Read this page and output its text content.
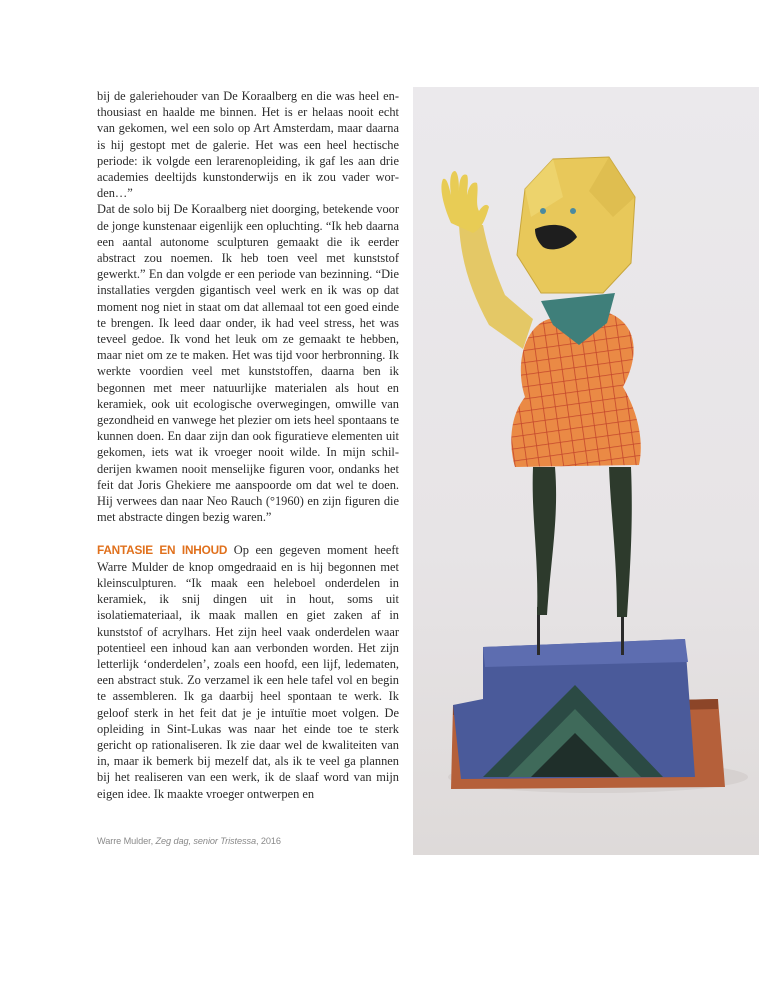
bij de galeriehouder van De Koraalberg en die was heel enthousiast en haalde me binnen. Het is er helaas nooit echt van gekomen, wel een solo op Art Amsterdam, maar daarna is hij gestopt met de galerie. Het was een heel hectische periode: ik volgde een lerarenopleiding, ik gaf les aan drie academies deeltijds kunstonderwijs en ik zou vader worden…”

Dat de solo bij De Koraalberg niet doorging, betekende voor de jonge kunstenaar eigenlijk een opluchting. “Ik heb daarna een aantal autonome sculpturen gemaakt die ik eerder abstract zou noemen. Ik heb toen veel met kunststof gewerkt.” En dan volgde er een periode van bezinning. “Die installaties vergden gigantisch veel werk en ik was op dat moment nog niet in staat om dat allemaal tot een goed einde te brengen. Ik leed daar onder, ik had veel stress, het was teveel gedoe. Ik vond het leuk om ze gemaakt te hebben, maar niet om ze te maken. Het was tijd voor herbronning. Ik werkte voordien veel met kunststoffen, daarna ben ik begonnen met meer natuurlijke materialen als hout en keramiek, ook uit ecologische overwegingen, omwille van gezondheid en vanwege het plezier om iets heel spontaans te kunnen doen. En daar zijn dan ook figuratieve elementen uit gekomen, iets wat ik vroeger nooit wilde. In mijn schilderijen kwamen nooit menselijke figuren voor, ondanks het feit dat Joris Ghekiere me aanspoorde om dat wel te doen. Hij verwees dan naar Neo Rauch (°1960) en zijn figuren die met abstracte dingen bezig waren.”

FANTASIE EN INHOUD Op een gegeven moment heeft Warre Mulder de knop omgedraaid en is hij begonnen met kleinsculpturen. “Ik maak een heleboel onderdelen in keramiek, ik snij dingen uit in hout, soms uit isolatiemateriaal, ik maak mallen en giet zaken af in kunststof of acrylhars. Het zijn heel vaak onderdelen waar potentieel een inhoud kan aan verbonden worden. Het zijn letterlijk ‘onderdelen’, zoals een hoofd, een lijf, ledematen, een abstract stuk. Zo verzamel ik een hele tafel vol en begin te assembleren. Ik ga daarbij heel spontaan te werk. Ik geloof sterk in het feit dat je je intuïtie moet volgen. De opleiding in Sint-Lukas was naar het einde toe te sterk gericht op rationaliseren. Ik zie daar wel de kwaliteiten van in, maar ik bemerk bij mezelf dat, als ik te veel ga plannen bij het realiseren van een werk, ik de slaaf word van mijn eigen idee. Ik maakte vroeger ontwerpen en

Warre Mulder, Zeg dag, senior Tristessa, 2016
